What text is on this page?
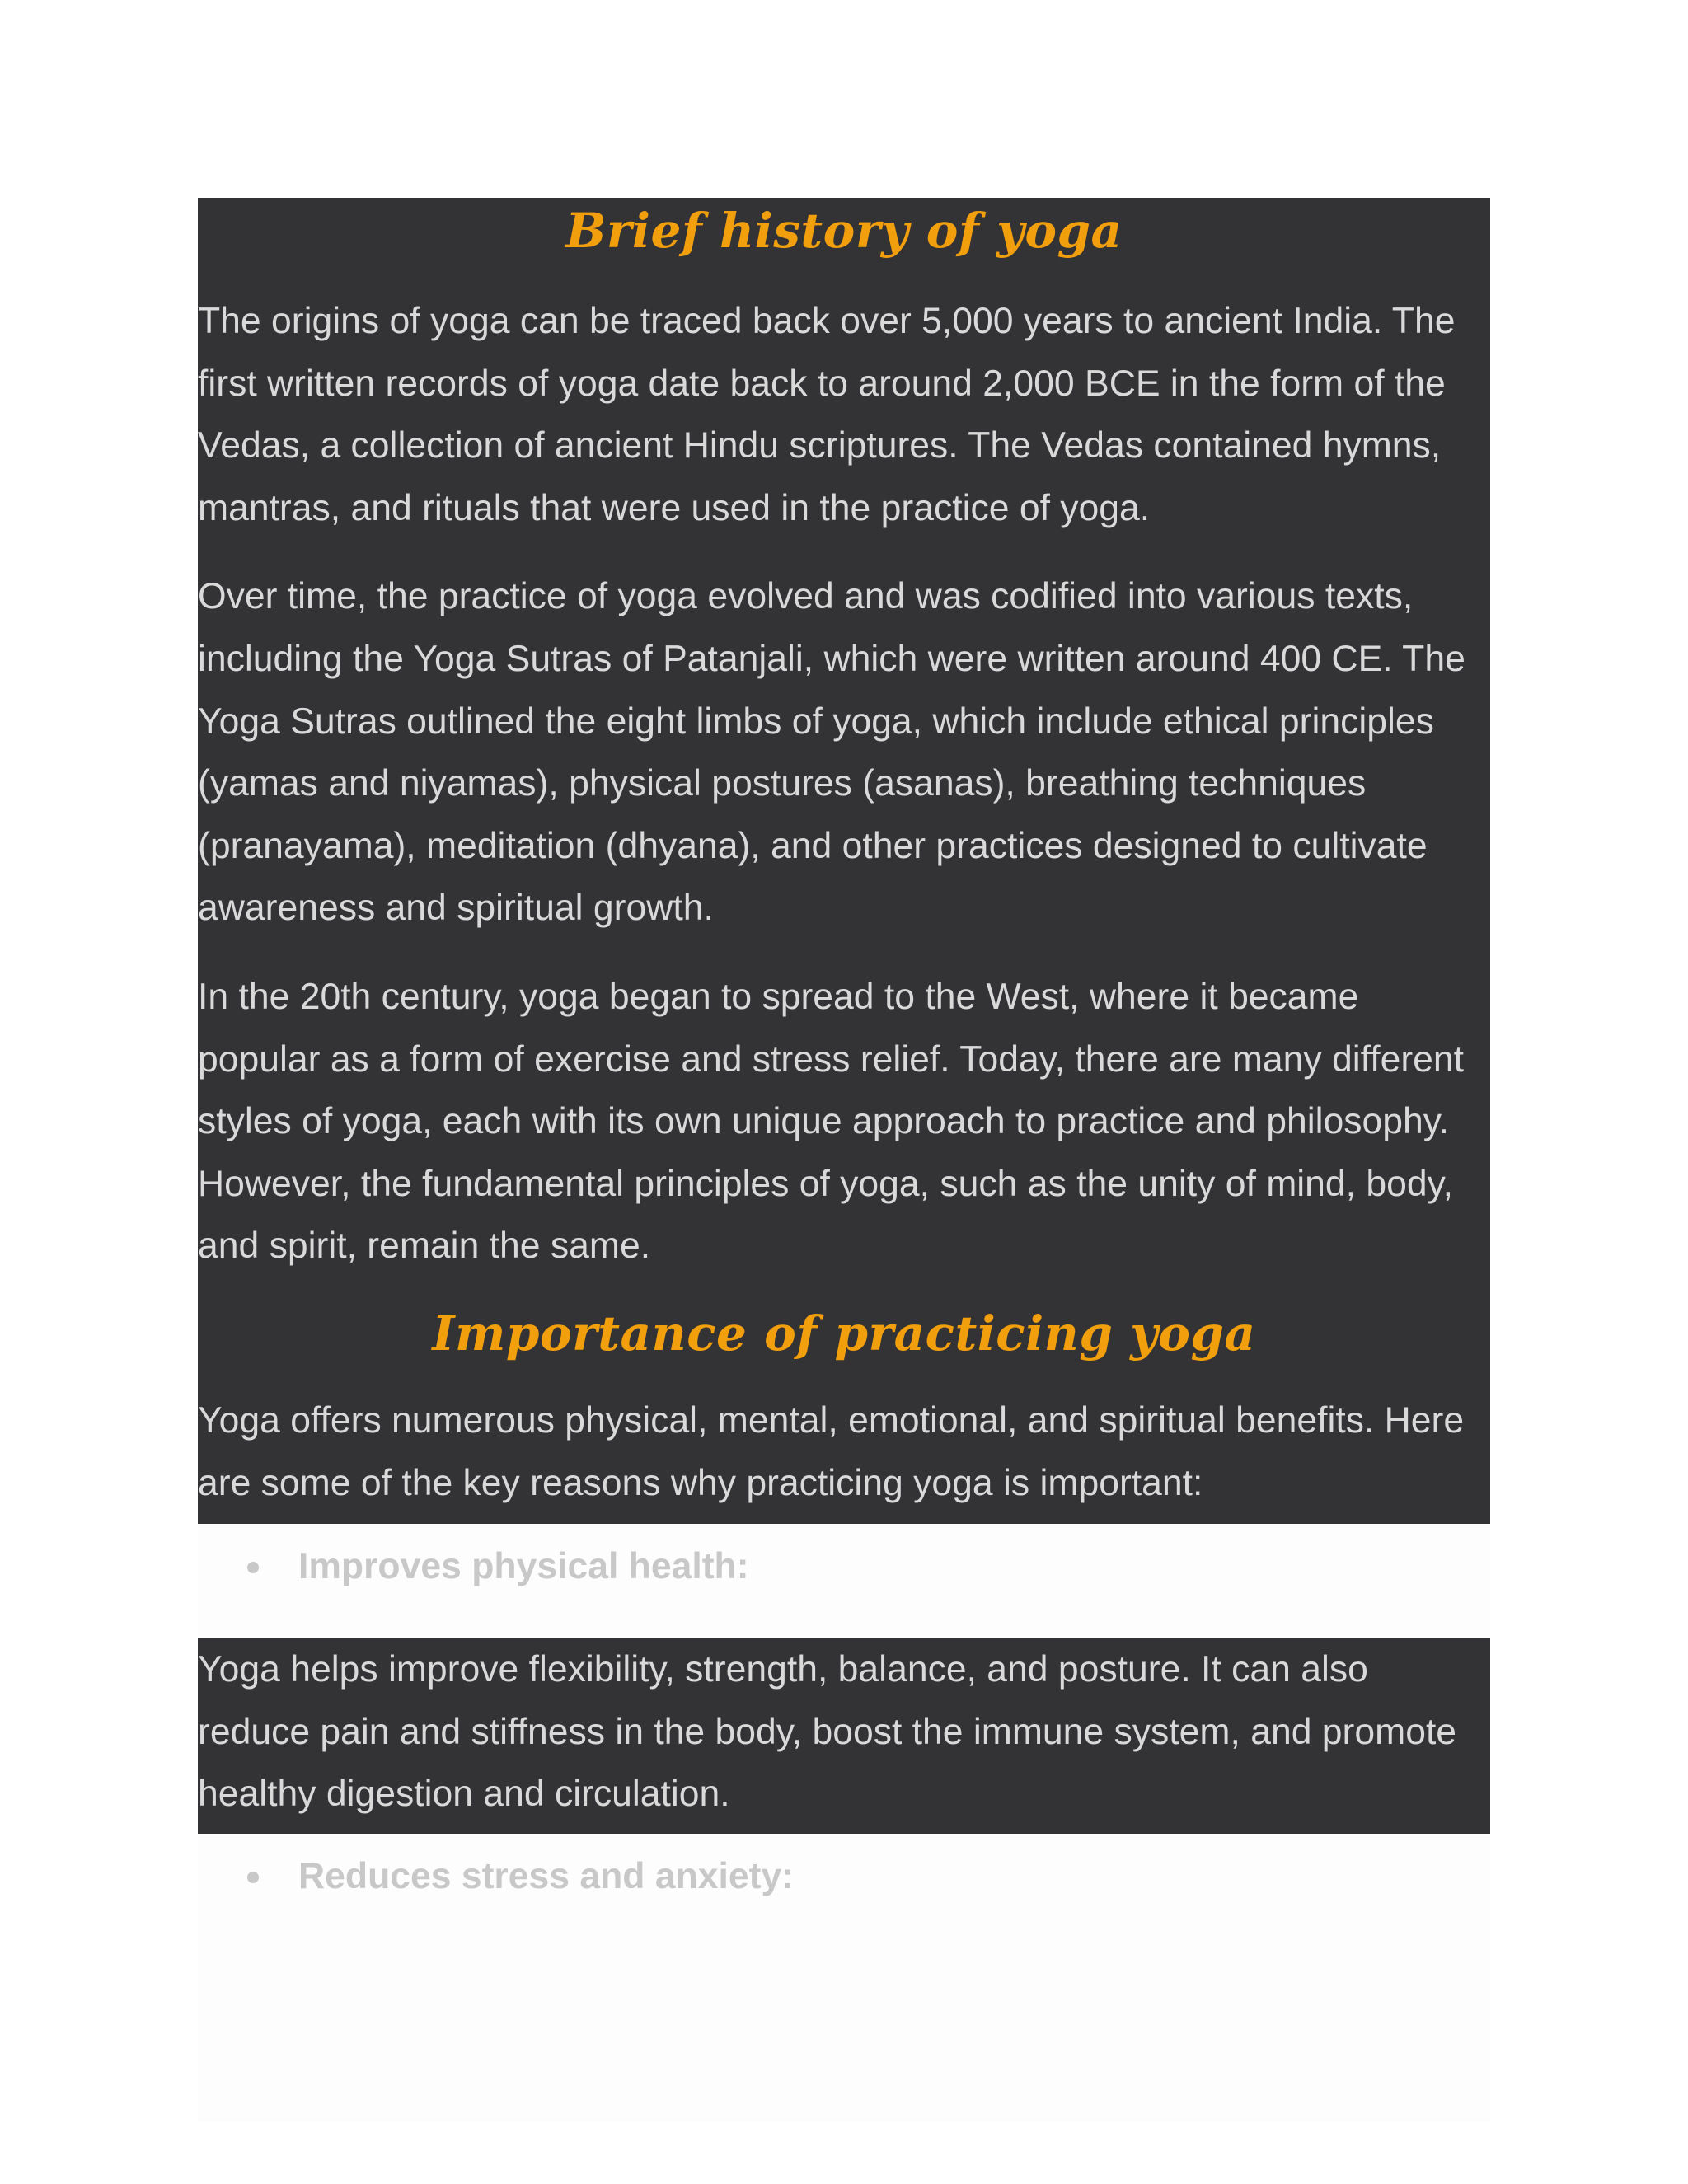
Brief history of yoga

The origins of yoga can be traced back over 5,000 years to ancient India. The first written records of yoga date back to around 2,000 BCE in the form of the Vedas, a collection of ancient Hindu scriptures. The Vedas contained hymns, mantras, and rituals that were used in the practice of yoga.

Over time, the practice of yoga evolved and was codified into various texts, including the Yoga Sutras of Patanjali, which were written around 400 CE. The Yoga Sutras outlined the eight limbs of yoga, which include ethical principles (yamas and niyamas), physical postures (asanas), breathing techniques (pranayama), meditation (dhyana), and other practices designed to cultivate awareness and spiritual growth.

In the 20th century, yoga began to spread to the West, where it became popular as a form of exercise and stress relief. Today, there are many different styles of yoga, each with its own unique approach to practice and philosophy. However, the fundamental principles of yoga, such as the unity of mind, body, and spirit, remain the same.

Importance of practicing yoga

Yoga offers numerous physical, mental, emotional, and spiritual benefits. Here are some of the key reasons why practicing yoga is important:

Improves physical health:

Yoga helps improve flexibility, strength, balance, and posture. It can also reduce pain and stiffness in the body, boost the immune system, and promote healthy digestion and circulation.

Reduces stress and anxiety:
